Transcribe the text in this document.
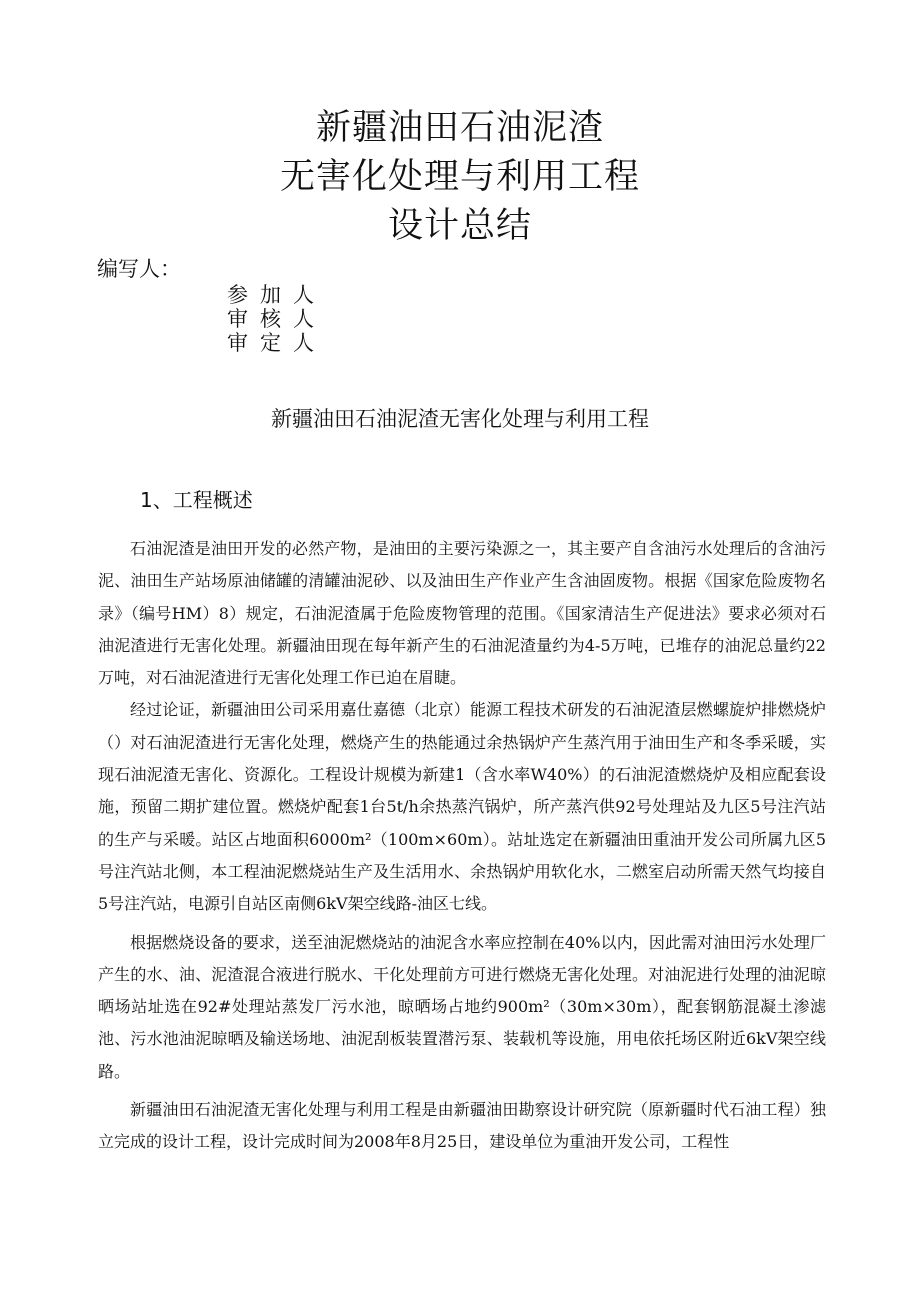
新疆油田石油泥渣
无害化处理与利用工程
设计总结
编写人：
参加人
审核人
审定人
新疆油田石油泥渣无害化处理与利用工程
1、工程概述

石油泥渣是油田开发的必然产物，是油田的主要污染源之一，其主要产自含油污水处理后的含油污泥、油田生产站场原油储罐的清罐油泥砂、以及油田生产作业产生含油固废物。根据《国家危险废物名录》（编号HM）8）规定，石油泥渣属于危险废物管理的范围。《国家清洁生产促进法》要求必须对石油泥渣进行无害化处理。新疆油田现在每年新产生的石油泥渣量约为4-5万吨，已堆存的油泥总量约22万吨，对石油泥渣进行无害化处理工作已迫在眉睫。

经过论证，新疆油田公司采用嘉仕嘉德（北京）能源工程技术研发的石油泥渣层燃螺旋炉排燃烧炉（）对石油泥渣进行无害化处理，燃烧产生的热能通过余热锅炉产生蒸汽用于油田生产和冬季采暖，实现石油泥渣无害化、资源化。工程设计规模为新建1（含水率W40%）的石油泥渣燃烧炉及相应配套设施，预留二期扩建位置。燃烧炉配套1台5t/h余热蒸汽锅炉，所产蒸汽供92号处理站及九区5号注汽站的生产与采暖。站区占地面积6000m²（100m×60m）。站址选定在新疆油田重油开发公司所属九区5号注汽站北侧，本工程油泥燃烧站生产及生活用水、余热锅炉用软化水，二燃室启动所需天然气均接自5号注汽站，电源引自站区南侧6kV架空线路-油区七线。

根据燃烧设备的要求，送至油泥燃烧站的油泥含水率应控制在40%以内，因此需对油田污水处理厂产生的水、油、泥渣混合液进行脱水、干化处理前方可进行燃烧无害化处理。对油泥进行处理的油泥晾晒场站址选在92#处理站蒸发厂污水池，晾晒场占地约900m²（30m×30m），配套钢筋混凝土渗滤池、污水池油泥晾晒及输送场地、油泥刮板装置潜污泵、装载机等设施，用电依托场区附近6kV架空线路。

新疆油田石油泥渣无害化处理与利用工程是由新疆油田勘察设计研究院（原新疆时代石油工程）独立完成的设计工程，设计完成时间为2008年8月25日，建设单位为重油开发公司，工程性
